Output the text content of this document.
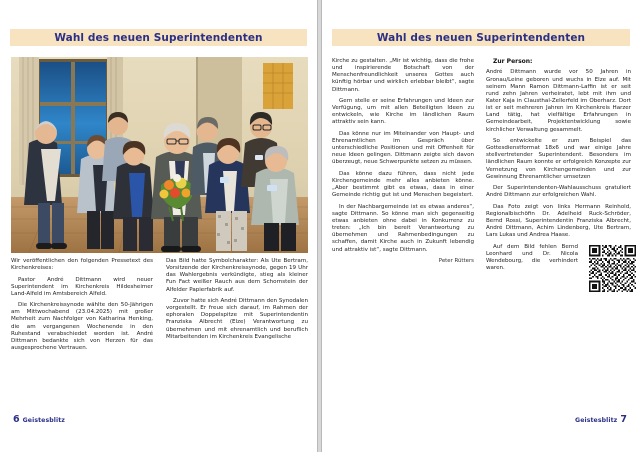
Wahl des neuen Superintendenten

Wir veröffentlichen den folgenden Pressetext des Kirchenkreises:

Pastor André Dittmann wird neuer Superintendent im Kirchenkreis Hildesheimer Land-Alfeld im Amtsbereich Alfeld.

Die Kirchenkreissynode wählte den 50-Jährigen am Mittwochabend (23.04.2025) mit großer Mehrheit zum Nachfolger von Katharina Henking, die am vergangenen Wochenende in den Ruhestand verabschiedet worden ist. André Dittmann bedankte sich von Herzen für das ausgesprochene Vertrauen.

Das Bild hatte Symbolcharakter: Als Ute Bertram, Vorsitzende der Kirchenkreissynode, gegen 19 Uhr das Wahlergebnis verkündigte, stieg als kleiner Fun Fact weißer Rauch aus dem Schornstein der Alfelder Papierfabrik auf.

Zuvor hatte sich André Dittmann den Synodalen vorgestellt. Er freue sich darauf, im Rahmen der ephoralen Doppelspitze mit Superintendentin Franziska Albrecht (Elze) Verantwortung zu übernehmen und mit ehrenamtlich und beruflich Mitarbeitenden im Kirchenkreis Evangelische

6 Geistesblitz
Wahl des neuen Superintendenten

Kirche zu gestalten. „Mir ist wichtig, dass die frohe und inspirierende Botschaft von der Menschenfreundlichkeit unseres Gottes auch künftig hörbar und wirklich erlebbar bleibt“, sagte Dittmann.

Gern stelle er seine Erfahrungen und Ideen zur Verfügung, um mit allen Beteiligten Ideen zu entwickeln, wie Kirche im ländlichen Raum attraktiv sein kann.

Das könne nur im Miteinander von Haupt- und Ehrenamtlichen im Gespräch über unterschiedliche Positionen und mit Offenheit für neue Ideen gelingen. Dittmann zeigte sich davon überzeugt, neue Schwerpunkte setzen zu müssen.

Das könne dazu führen, dass nicht jede Kirchengemeinde mehr alles anbieten könne. „Aber bestimmt gibt es etwas, dass in einer Gemeinde richtig gut ist und Menschen begeistert.

In der Nachbargemeinde ist es etwas anderes“, sagte Dittmann. So könne man sich gegenseitig etwas anbieten ohne dabei in Konkurrenz zu treten: „Ich bin bereit Verantwortung zu übernehmen und Rahmenbedingungen zu schaffen, damit Kirche auch in Zukunft lebendig und attraktiv ist“, sagte Dittmann.

Peter Rütters

Zur Person:

André Dittmann wurde vor 50 Jahren in Gronau/Leine geboren und wuchs in Elze auf. Mit seinem Mann Ramon Dittmann-Laffin ist er seit rund zehn Jahren verheiratet, lebt mit ihm und Kater Kaja in Clausthal-Zellerfeld im Oberharz. Dort ist er seit mehreren Jahren im Kirchenkreis Harzer Land tätig, hat vielfältige Erfahrungen in Gemeindearbeit, Projektentwicklung sowie kirchlicher Verwaltung gesammelt.

So entwickelte er zum Beispiel das Gottesdienstformat 18x6 und war einige Jahre stellvertretender Superintendent. Besonders im ländlichen Raum konnte er erfolgreich Konzepte zur Vernetzung von Kirchengemeinden und zur Gewinnung Ehrenamtlicher umsetzen

Der Superintendenten-Wahlausschuss gratuliert André Dittmann zur erfolgreichen Wahl.

Das Foto zeigt von links Hermann Reinhold, Regionalbischöfin Dr. Adelheid Ruck-Schröder, Bernd Rossi, Superintendentin Franziska Albrecht, André Dittmann, Achim Lindenberg, Ute Bertram, Lars Lukas und Andrea Haase.

Auf dem Bild fehlen Bernd Leonhard und Dr. Nicola Wendebourg, die verhindert waren.

Geistesblitz 7
